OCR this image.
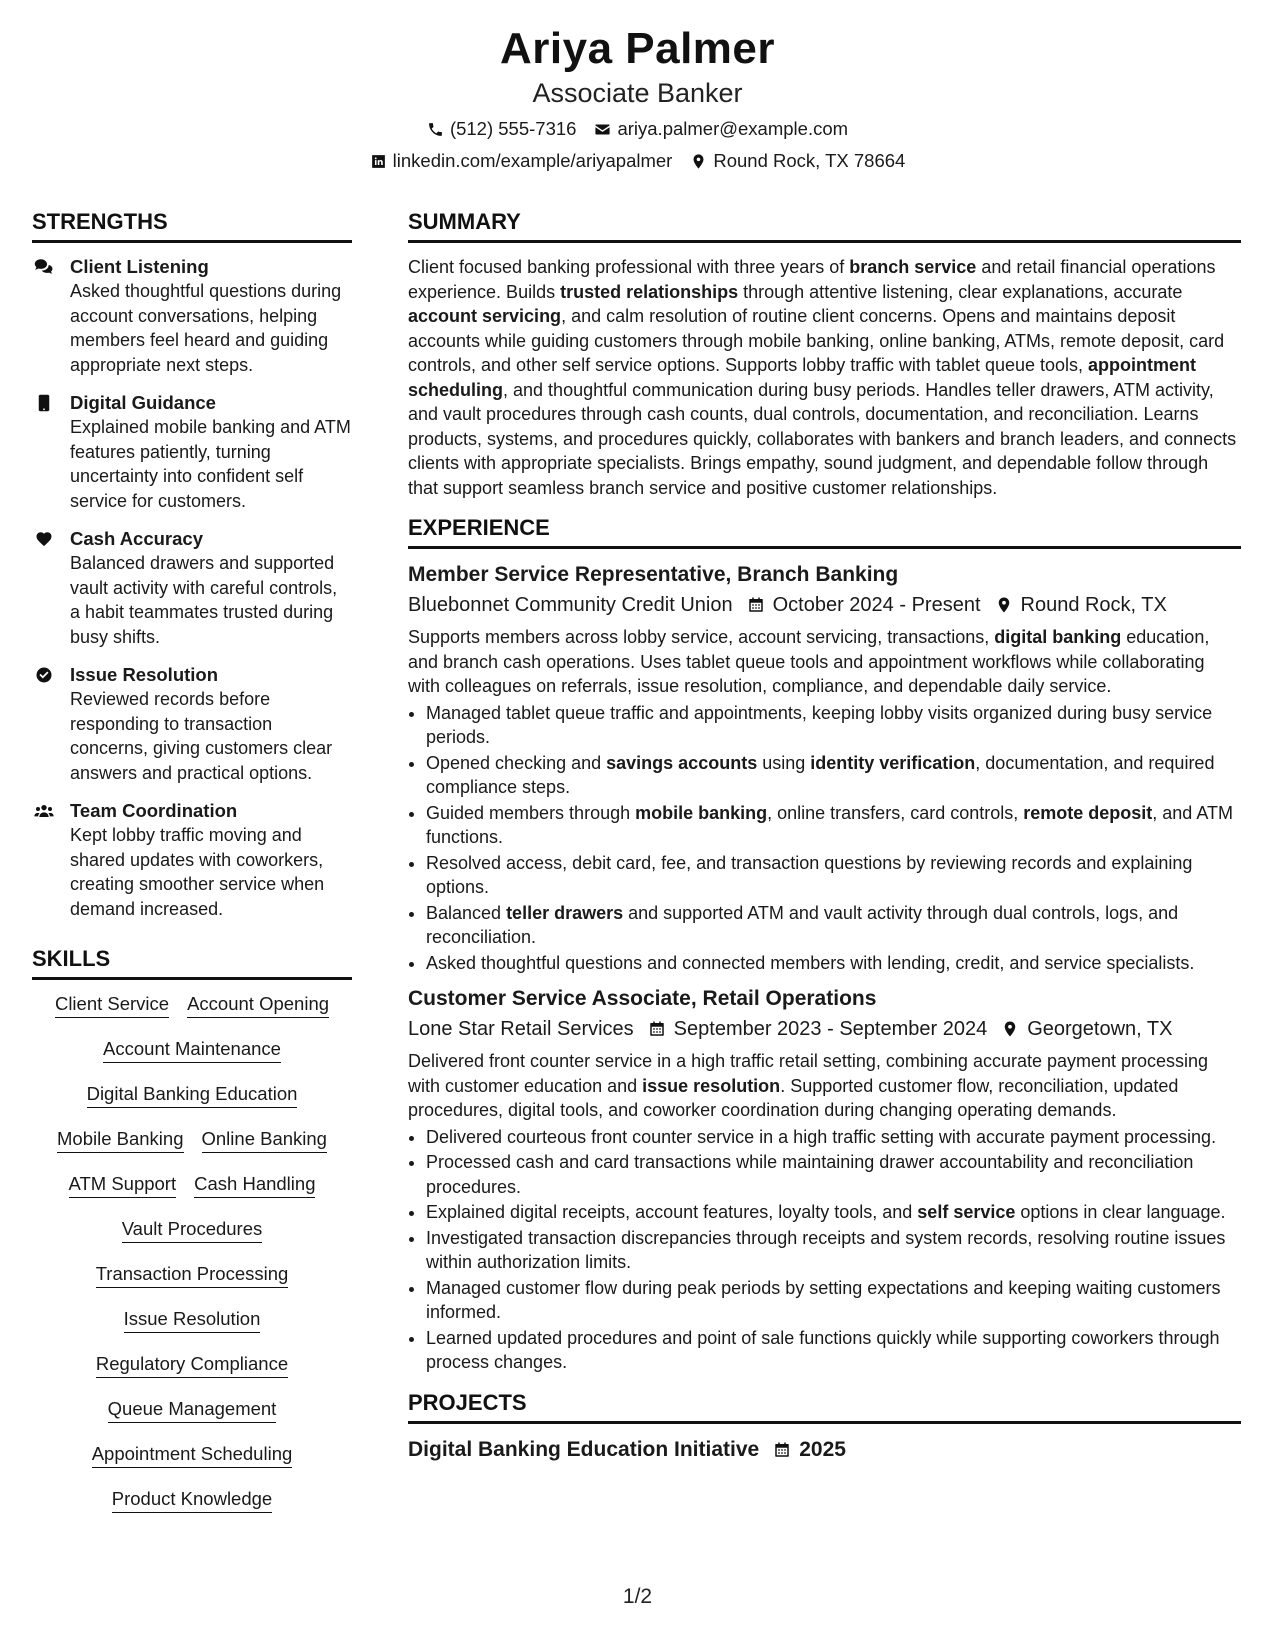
Ariya Palmer
Associate Banker
(512) 555-7316 ariya.palmer@example.com
linkedin.com/example/ariyapalmer Round Rock, TX 78664
STRENGTHS
Client Listening
Asked thoughtful questions during account conversations, helping members feel heard and guiding appropriate next steps.
Digital Guidance
Explained mobile banking and ATM features patiently, turning uncertainty into confident self service for customers.
Cash Accuracy
Balanced drawers and supported vault activity with careful controls, a habit teammates trusted during busy shifts.
Issue Resolution
Reviewed records before responding to transaction concerns, giving customers clear answers and practical options.
Team Coordination
Kept lobby traffic moving and shared updates with coworkers, creating smoother service when demand increased.
SKILLS
Client Service Account Opening
Account Maintenance
Digital Banking Education
Mobile Banking Online Banking
ATM Support Cash Handling
Vault Procedures
Transaction Processing
Issue Resolution
Regulatory Compliance
Queue Management
Appointment Scheduling
Product Knowledge
SUMMARY

Client focused banking professional with three years of branch service and retail financial operations experience. Builds trusted relationships through attentive listening, clear explanations, accurate account servicing, and calm resolution of routine client concerns. Opens and maintains deposit accounts while guiding customers through mobile banking, online banking, ATMs, remote deposit, card controls, and other self service options. Supports lobby traffic with tablet queue tools, appointment scheduling, and thoughtful communication during busy periods. Handles teller drawers, ATM activity, and vault procedures through cash counts, dual controls, documentation, and reconciliation. Learns products, systems, and procedures quickly, collaborates with bankers and branch leaders, and connects clients with appropriate specialists. Brings empathy, sound judgment, and dependable follow through that support seamless branch service and positive customer relationships.

EXPERIENCE
Member Service Representative, Branch Banking
Bluebonnet Community Credit Union October 2024 - Present Round Rock, TX

Supports members across lobby service, account servicing, transactions, digital banking education, and branch cash operations. Uses tablet queue tools and appointment workflows while collaborating with colleagues on referrals, issue resolution, compliance, and dependable daily service.

• Managed tablet queue traffic and appointments, keeping lobby visits organized during busy service periods.
• Opened checking and savings accounts using identity verification, documentation, and required compliance steps.
• Guided members through mobile banking, online transfers, card controls, remote deposit, and ATM functions.
• Resolved access, debit card, fee, and transaction questions by reviewing records and explaining options.
• Balanced teller drawers and supported ATM and vault activity through dual controls, logs, and reconciliation.
• Asked thoughtful questions and connected members with lending, credit, and service specialists.
Customer Service Associate, Retail Operations
Lone Star Retail Services September 2023 - September 2024 Georgetown, TX

Delivered front counter service in a high traffic retail setting, combining accurate payment processing with customer education and issue resolution. Supported customer flow, reconciliation, updated procedures, digital tools, and coworker coordination during changing operating demands.

• Delivered courteous front counter service in a high traffic setting with accurate payment processing.
• Processed cash and card transactions while maintaining drawer accountability and reconciliation procedures.
• Explained digital receipts, account features, loyalty tools, and self service options in clear language.
• Investigated transaction discrepancies through receipts and system records, resolving routine issues within authorization limits.
• Managed customer flow during peak periods by setting expectations and keeping waiting customers informed.
• Learned updated procedures and point of sale functions quickly while supporting coworkers through process changes.
PROJECTS
Digital Banking Education Initiative 2025
1/2
